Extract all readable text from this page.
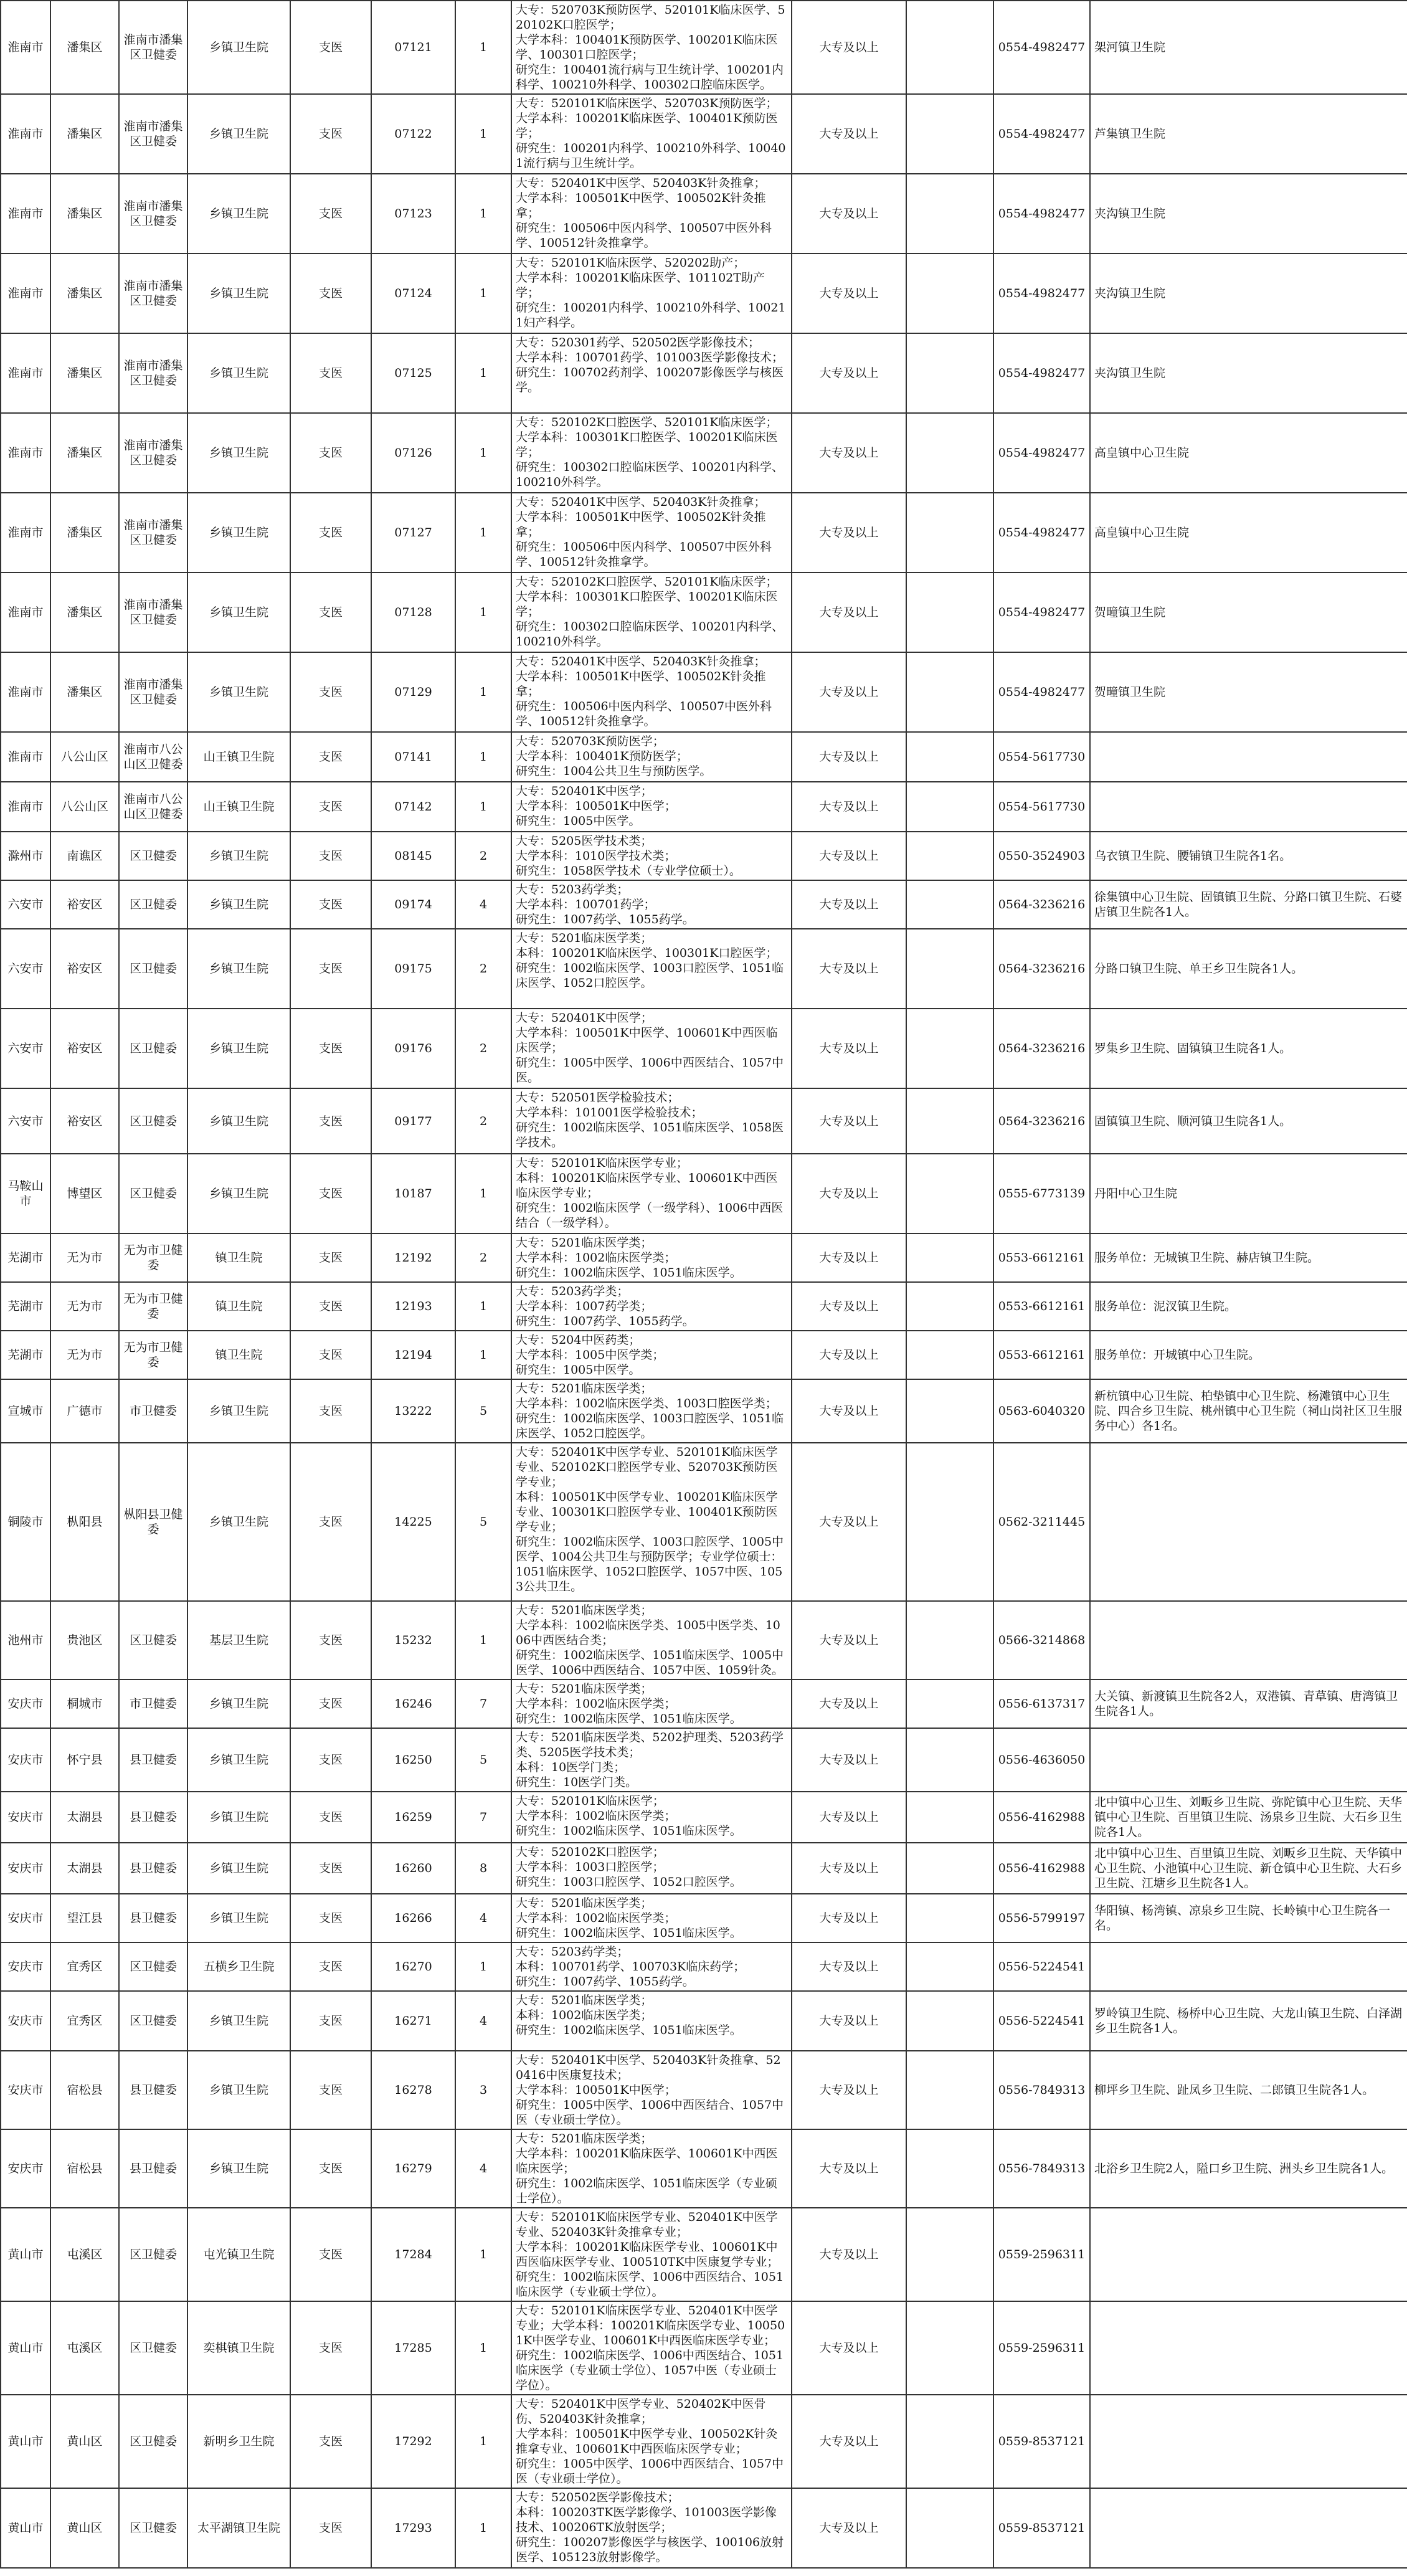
淮南市	潘集区	淮南市潘集区卫健委	乡镇卫生院	支医	07121	1	大专：520703K预防医学、520101K临床医学、520102K口腔医学；
大学本科：100401K预防医学、100201K临床医学、100301口腔医学；
研究生：100401流行病与卫生统计学、100201内科学、100210外科学、100302口腔临床医学。	大专及以上		0554-4982477	架河镇卫生院
淮南市	潘集区	淮南市潘集区卫健委	乡镇卫生院	支医	07122	1	大专：520101K临床医学、520703K预防医学；
大学本科：100201K临床医学、100401K预防医学；
研究生：100201内科学、100210外科学、100401流行病与卫生统计学。	大专及以上		0554-4982477	芦集镇卫生院
淮南市	潘集区	淮南市潘集区卫健委	乡镇卫生院	支医	07123	1	大专：520401K中医学、520403K针灸推拿；
大学本科：100501K中医学、100502K针灸推拿；
研究生：100506中医内科学、100507中医外科学、100512针灸推拿学。	大专及以上		0554-4982477	夹沟镇卫生院
淮南市	潘集区	淮南市潘集区卫健委	乡镇卫生院	支医	07124	1	大专：520101K临床医学、520202助产；
大学本科：100201K临床医学、101102T助产学；
研究生：100201内科学、100210外科学、100211妇产科学。	大专及以上		0554-4982477	夹沟镇卫生院
淮南市	潘集区	淮南市潘集区卫健委	乡镇卫生院	支医	07125	1	大专：520301药学、520502医学影像技术；
大学本科：100701药学、101003医学影像技术；
研究生：100702药剂学、100207影像医学与核医学。	大专及以上		0554-4982477	夹沟镇卫生院
淮南市	潘集区	淮南市潘集区卫健委	乡镇卫生院	支医	07126	1	大专：520102K口腔医学、520101K临床医学；
大学本科：100301K口腔医学、100201K临床医学；
研究生：100302口腔临床医学、100201内科学、100210外科学。	大专及以上		0554-4982477	高皇镇中心卫生院
淮南市	潘集区	淮南市潘集区卫健委	乡镇卫生院	支医	07127	1	大专：520401K中医学、520403K针灸推拿；
大学本科：100501K中医学、100502K针灸推拿；
研究生：100506中医内科学、100507中医外科学、100512针灸推拿学。	大专及以上		0554-4982477	高皇镇中心卫生院
淮南市	潘集区	淮南市潘集区卫健委	乡镇卫生院	支医	07128	1	大专：520102K口腔医学、520101K临床医学；
大学本科：100301K口腔医学、100201K临床医学；
研究生：100302口腔临床医学、100201内科学、100210外科学。	大专及以上		0554-4982477	贺疃镇卫生院
淮南市	潘集区	淮南市潘集区卫健委	乡镇卫生院	支医	07129	1	大专：520401K中医学、520403K针灸推拿；
大学本科：100501K中医学、100502K针灸推拿；
研究生：100506中医内科学、100507中医外科学、100512针灸推拿学。	大专及以上		0554-4982477	贺疃镇卫生院
淮南市	八公山区	淮南市八公山区卫健委	山王镇卫生院	支医	07141	1	大专：520703K预防医学；
大学本科：100401K预防医学；
研究生：1004公共卫生与预防医学。	大专及以上		0554-5617730	
淮南市	八公山区	淮南市八公山区卫健委	山王镇卫生院	支医	07142	1	大专：520401K中医学；
大学本科：100501K中医学；
研究生：1005中医学。	大专及以上		0554-5617730	
滁州市	南谯区	区卫健委	乡镇卫生院	支医	08145	2	大专：5205医学技术类；
大学本科：1010医学技术类；
研究生：1058医学技术（专业学位硕士）。	大专及以上		0550-3524903	乌衣镇卫生院、腰铺镇卫生院各1名。
六安市	裕安区	区卫健委	乡镇卫生院	支医	09174	4	大专：5203药学类；
大学本科：100701药学；
研究生：1007药学、1055药学。	大专及以上		0564-3236216	徐集镇中心卫生院、固镇镇卫生院、分路口镇卫生院、石婆店镇卫生院各1人。
六安市	裕安区	区卫健委	乡镇卫生院	支医	09175	2	大专：5201临床医学类；
本科：100201K临床医学、100301K口腔医学；
研究生：1002临床医学、1003口腔医学、1051临床医学、1052口腔医学。	大专及以上		0564-3236216	分路口镇卫生院、单王乡卫生院各1人。
六安市	裕安区	区卫健委	乡镇卫生院	支医	09176	2	大专：520401K中医学；
大学本科：100501K中医学、100601K中西医临床医学；
研究生：1005中医学、1006中西医结合、1057中医。	大专及以上		0564-3236216	罗集乡卫生院、固镇镇卫生院各1人。
六安市	裕安区	区卫健委	乡镇卫生院	支医	09177	2	大专：520501医学检验技术；
大学本科：101001医学检验技术；
研究生：1002临床医学、1051临床医学、1058医学技术。	大专及以上		0564-3236216	固镇镇卫生院、顺河镇卫生院各1人。
马鞍山市	博望区	区卫健委	乡镇卫生院	支医	10187	1	大专：520101K临床医学专业；
本科：100201K临床医学专业、100601K中西医临床医学专业；
研究生：1002临床医学（一级学科）、1006中西医结合（一级学科）。	大专及以上		0555-6773139	丹阳中心卫生院
芜湖市	无为市	无为市卫健委	镇卫生院	支医	12192	2	大专：5201临床医学类；
大学本科：1002临床医学类；
研究生：1002临床医学、1051临床医学。	大专及以上		0553-6612161	服务单位：无城镇卫生院、赫店镇卫生院。
芜湖市	无为市	无为市卫健委	镇卫生院	支医	12193	1	大专：5203药学类；
大学本科：1007药学类；
研究生：1007药学、1055药学。	大专及以上		0553-6612161	服务单位：泥汊镇卫生院。
芜湖市	无为市	无为市卫健委	镇卫生院	支医	12194	1	大专：5204中医药类；
大学本科：1005中医学类；
研究生：1005中医学。	大专及以上		0553-6612161	服务单位：开城镇中心卫生院。
宣城市	广德市	市卫健委	乡镇卫生院	支医	13222	5	大专：5201临床医学类；
大学本科：1002临床医学类、1003口腔医学类；
研究生：1002临床医学、1003口腔医学、1051临床医学、1052口腔医学。	大专及以上		0563-6040320	新杭镇中心卫生院、柏垫镇中心卫生院、杨滩镇中心卫生院、四合乡卫生院、桃州镇中心卫生院（祠山岗社区卫生服务中心）各1名。
铜陵市	枞阳县	枞阳县卫健委	乡镇卫生院	支医	14225	5	大专：520401K中医学专业、520101K临床医学专业、520102K口腔医学专业、520703K预防医学专业；
本科：100501K中医学专业、100201K临床医学专业、100301K口腔医学专业、100401K预防医学专业；
研究生：1002临床医学、1003口腔医学、1005中医学、1004公共卫生与预防医学；专业学位硕士：1051临床医学、1052口腔医学、1057中医、1053公共卫生。	大专及以上		0562-3211445	
池州市	贵池区	区卫健委	基层卫生院	支医	15232	1	大专：5201临床医学类；
大学本科：1002临床医学类、1005中医学类、1006中西医结合类；
研究生：1002临床医学、1051临床医学、1005中医学、1006中西医结合、1057中医、1059针灸。	大专及以上		0566-3214868	
安庆市	桐城市	市卫健委	乡镇卫生院	支医	16246	7	大专：5201临床医学类；
大学本科：1002临床医学类；
研究生：1002临床医学、1051临床医学。	大专及以上		0556-6137317	大关镇、新渡镇卫生院各2人，双港镇、青草镇、唐湾镇卫生院各1人。
安庆市	怀宁县	县卫健委	乡镇卫生院	支医	16250	5	大专：5201临床医学类、5202护理类、5203药学类、5205医学技术类；
本科：10医学门类；
研究生：10医学门类。	大专及以上		0556-4636050	
安庆市	太湖县	县卫健委	乡镇卫生院	支医	16259	7	大专：520101K临床医学；
大学本科：1002临床医学类；
研究生：1002临床医学、1051临床医学。	大专及以上		0556-4162988	北中镇中心卫生、刘畈乡卫生院、弥陀镇中心卫生院、天华镇中心卫生院、百里镇卫生院、汤泉乡卫生院、大石乡卫生院各1人。
安庆市	太湖县	县卫健委	乡镇卫生院	支医	16260	8	大专：520102K口腔医学；
大学本科：1003口腔医学；
研究生：1003口腔医学、1052口腔医学。	大专及以上		0556-4162988	北中镇中心卫生、百里镇卫生院、刘畈乡卫生院、天华镇中心卫生院、小池镇中心卫生院、新仓镇中心卫生院、大石乡卫生院、江塘乡卫生院各1人。
安庆市	望江县	县卫健委	乡镇卫生院	支医	16266	4	大专：5201临床医学类；
大学本科：1002临床医学类；
研究生：1002临床医学、1051临床医学。	大专及以上		0556-5799197	华阳镇、杨湾镇、凉泉乡卫生院、长岭镇中心卫生院各一名。
安庆市	宜秀区	区卫健委	五横乡卫生院	支医	16270	1	大专：5203药学类；
本科：100701药学、100703K临床药学；
研究生：1007药学、1055药学。	大专及以上		0556-5224541	
安庆市	宜秀区	区卫健委	乡镇卫生院	支医	16271	4	大专：5201临床医学类；
本科：1002临床医学类；
研究生：1002临床医学、1051临床医学。	大专及以上		0556-5224541	罗岭镇卫生院、杨桥中心卫生院、大龙山镇卫生院、白泽湖乡卫生院各1人。
安庆市	宿松县	县卫健委	乡镇卫生院	支医	16278	3	大专：520401K中医学、520403K针灸推拿、520416中医康复技术；
大学本科：100501K中医学；
研究生：1005中医学、1006中西医结合、1057中医（专业硕士学位）。	大专及以上		0556-7849313	柳坪乡卫生院、趾凤乡卫生院、二郎镇卫生院各1人。
安庆市	宿松县	县卫健委	乡镇卫生院	支医	16279	4	大专：5201临床医学类；
大学本科：100201K临床医学、100601K中西医临床医学；
研究生：1002临床医学、1051临床医学（专业硕士学位）。	大专及以上		0556-7849313	北浴乡卫生院2人，隘口乡卫生院、洲头乡卫生院各1人。
黄山市	屯溪区	区卫健委	屯光镇卫生院	支医	17284	1	大专：520101K临床医学专业、520401K中医学专业、520403K针灸推拿专业；
大学本科：100201K临床医学专业、100601K中西医临床医学专业、100510TK中医康复学专业；
研究生：1002临床医学、1006中西医结合、1051临床医学（专业硕士学位）。	大专及以上		0559-2596311	
黄山市	屯溪区	区卫健委	奕棋镇卫生院	支医	17285	1	大专：520101K临床医学专业、520401K中医学专业；大学本科：100201K临床医学专业、100501K中医学专业、100601K中西医临床医学专业；
研究生：1002临床医学、1006中西医结合、1051临床医学（专业硕士学位）、1057中医（专业硕士学位）。	大专及以上		0559-2596311	
黄山市	黄山区	区卫健委	新明乡卫生院	支医	17292	1	大专：520401K中医学专业、520402K中医骨伤、520403K针灸推拿；
大学本科：100501K中医学专业、100502K针灸推拿专业、100601K中西医临床医学专业；
研究生：1005中医学、1006中西医结合、1057中医（专业硕士学位）。	大专及以上		0559-8537121	
黄山市	黄山区	区卫健委	太平湖镇卫生院	支医	17293	1	大专：520502医学影像技术；
本科：100203TK医学影像学、101003医学影像技术、100206TK放射医学；
研究生：100207影像医学与核医学、100106放射医学、105123放射影像学。	大专及以上		0559-8537121	
